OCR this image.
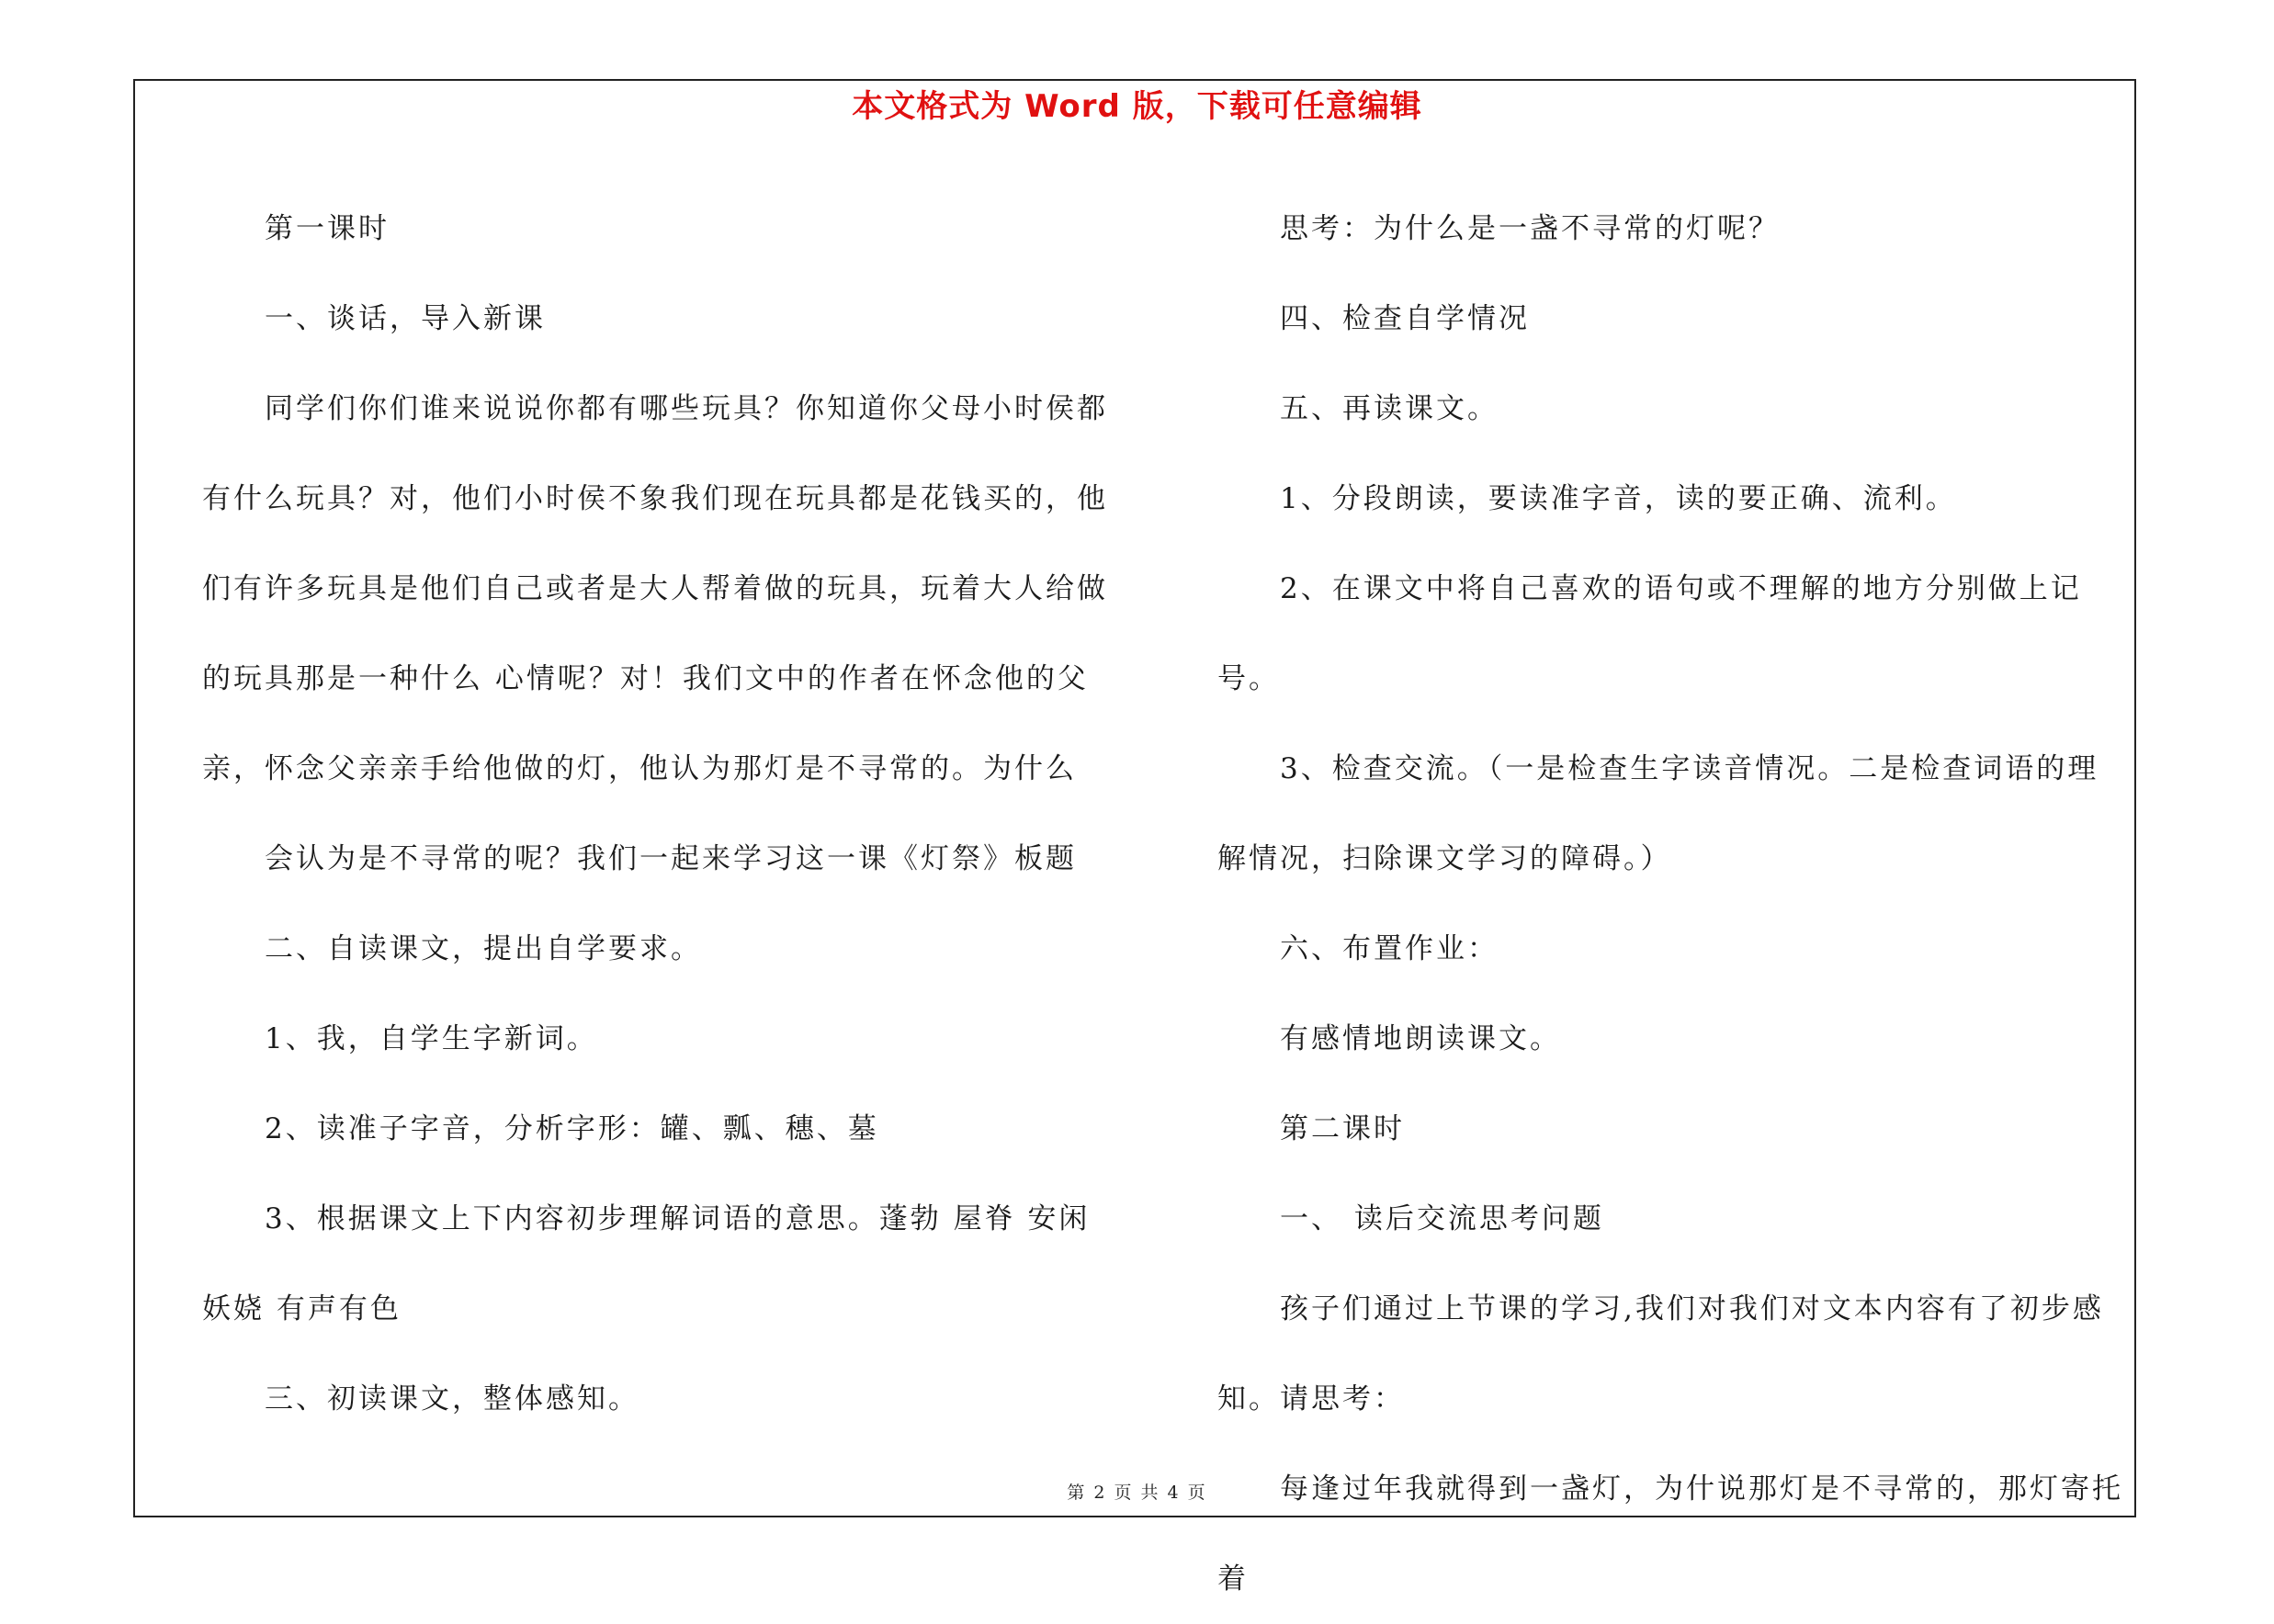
本文格式为 Word 版，下载可任意编辑

第一课时

一、谈话，导入新课

同学们你们谁来说说你都有哪些玩具？你知道你父母小时侯都有什么玩具？对，他们小时侯不象我们现在玩具都是花钱买的，他们有许多玩具是他们自己或者是大人帮着做的玩具，玩着大人给做的玩具那是一种什么 心情呢？对！我们文中的作者在怀念他的父亲，怀念父亲亲手给他做的灯，他认为那灯是不寻常的。为什么

会认为是不寻常的呢？我们一起来学习这一课《灯祭》板题

二、自读课文，提出自学要求。

1、我，自学生字新词。

2、读准子字音，分析字形：罐、瓢、穗、墓

3、根据课文上下内容初步理解词语的意思。蓬勃 屋脊 安闲妖娆 有声有色

三、初读课文，整体感知。

思考：为什么是一盏不寻常的灯呢？

四、检查自学情况

五、再读课文。

1、分段朗读，要读准字音，读的要正确、流利。

2、在课文中将自己喜欢的语句或不理解的地方分别做上记号。

3、检查交流。（一是检查生字读音情况。二是检查词语的理解情况，扫除课文学习的障碍。）

六、布置作业：

有感情地朗读课文。

第二课时

一、 读后交流思考问题

孩子们通过上节课的学习,我们对我们对文本内容有了初步感知。请思考：

每逢过年我就得到一盏灯，为什说那灯是不寻常的，那灯寄托着

第 2 页 共 4 页
